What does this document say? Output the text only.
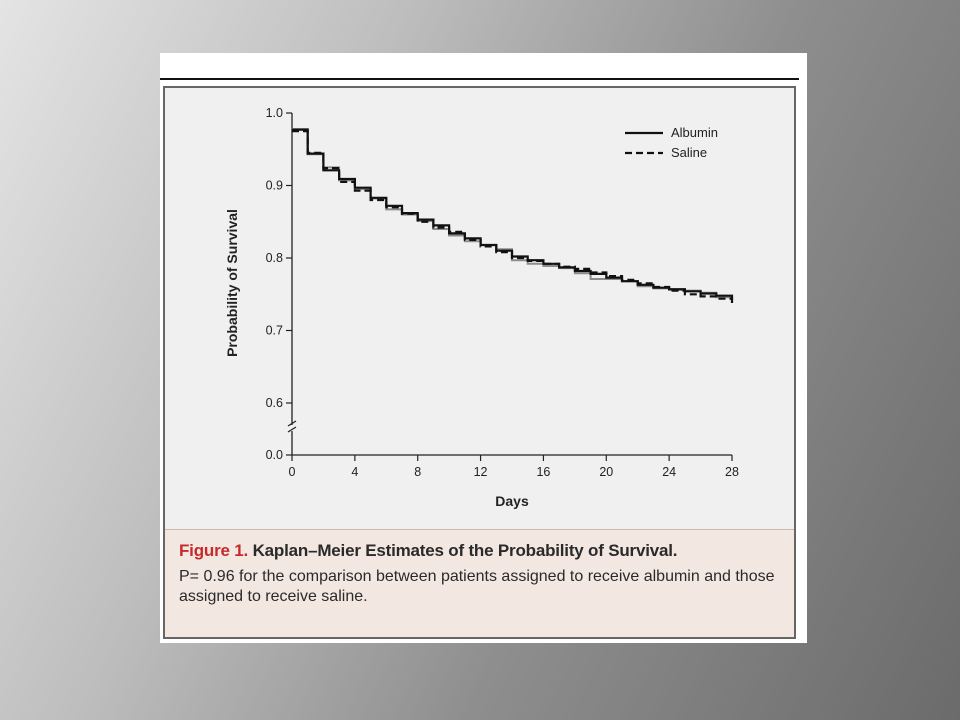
0.0
0.6
0.7
0.8
0.9
1.0
0	4	8	12	16	20	24	28
Days
Probability of Survival
Albumin
Saline
Figure 1. Kaplan–Meier Estimates of the Probability of Survival.
P= 0.96 for the comparison between patients assigned to receive albumin and those assigned to receive saline.
